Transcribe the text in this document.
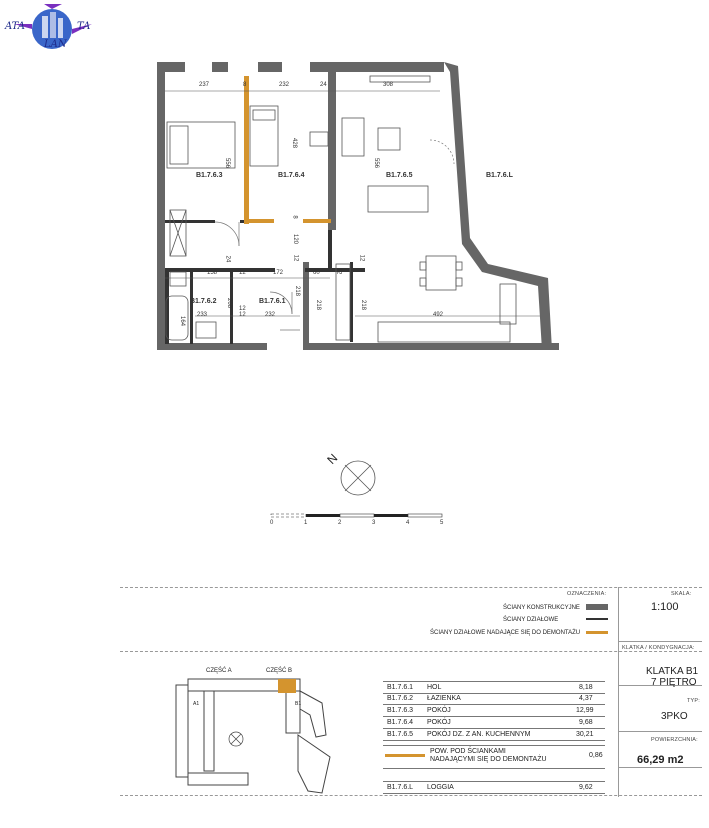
ATA	TA
LAN
N
B1.7.6.3	B1.7.6.4	B1.7.6.5	B1.7.6.L
B1.7.6.2	B1.7.6.1
237	8	232	24	308
428
556	556
120
8
12	12
24
158	12	172	60	12
12
208
218
218	218
164
233	12	232	492
0	1	2	3	4	5
OZNACZENIA:
ŚCIANY KONSTRUKCYJNE
ŚCIANY DZIAŁOWE
ŚCIANY DZIAŁOWE NADAJĄCE SIĘ DO DEMONTAŻU
SKALA:
1:100
KLATKA / KONDYGNACJA:
KLATKA B1
7 PIĘTRO
TYP:
3PKO
POWIERZCHNIA:
66,29 m2
CZĘŚĆ A	CZĘŚĆ B
B1
A1
B1.7.6.1 HOL	8,18
B1.7.6.2 ŁAZIENKA	4,37
B1.7.6.3 POKÓJ	12,99
B1.7.6.4 POKÓJ	9,68
B1.7.6.5 POKÓJ DZ. Z AN. KUCHENNYM	30,21
POW. POD ŚCIANKAMI
NADAJĄCYMI SIĘ DO DEMONTAŻU
0,86
B1.7.6.L LOGGIA	9,62
